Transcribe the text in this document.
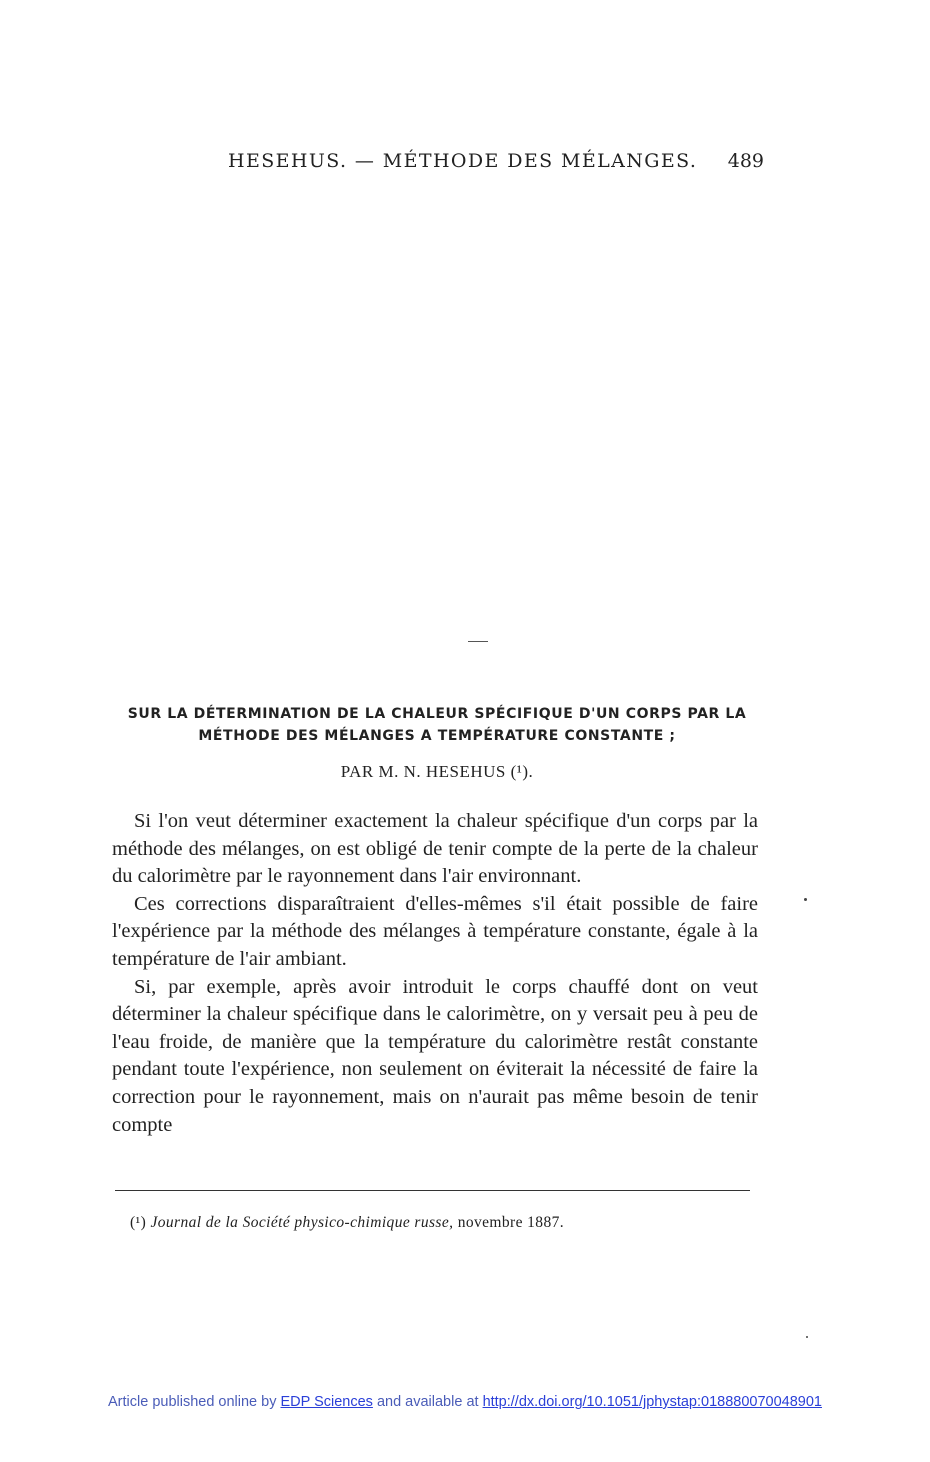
HESEHUS. — MÉTHODE DES MÉLANGES. 489
SUR LA DÉTERMINATION DE LA CHALEUR SPÉCIFIQUE D'UN CORPS PAR LA
MÉTHODE DES MÉLANGES A TEMPÉRATURE CONSTANTE ;
PAR M. N. HESEHUS (¹).

Si l'on veut déterminer exactement la chaleur spécifique d'un corps par la méthode des mélanges, on est obligé de tenir compte de la perte de la chaleur du calorimètre par le rayonnement dans l'air environnant.

Ces corrections disparaîtraient d'elles-mêmes s'il était possible de faire l'expérience par la méthode des mélanges à température constante, égale à la température de l'air ambiant.

Si, par exemple, après avoir introduit le corps chauffé dont on veut déterminer la chaleur spécifique dans le calorimètre, on y versait peu à peu de l'eau froide, de manière que la température du calorimètre restât constante pendant toute l'expérience, non seulement on éviterait la nécessité de faire la correction pour le rayonnement, mais on n'aurait pas même besoin de tenir compte

(¹) Journal de la Société physico-chimique russe, novembre 1887.
Article published online by EDP Sciences and available at http://dx.doi.org/10.1051/jphystap:018880070048901
